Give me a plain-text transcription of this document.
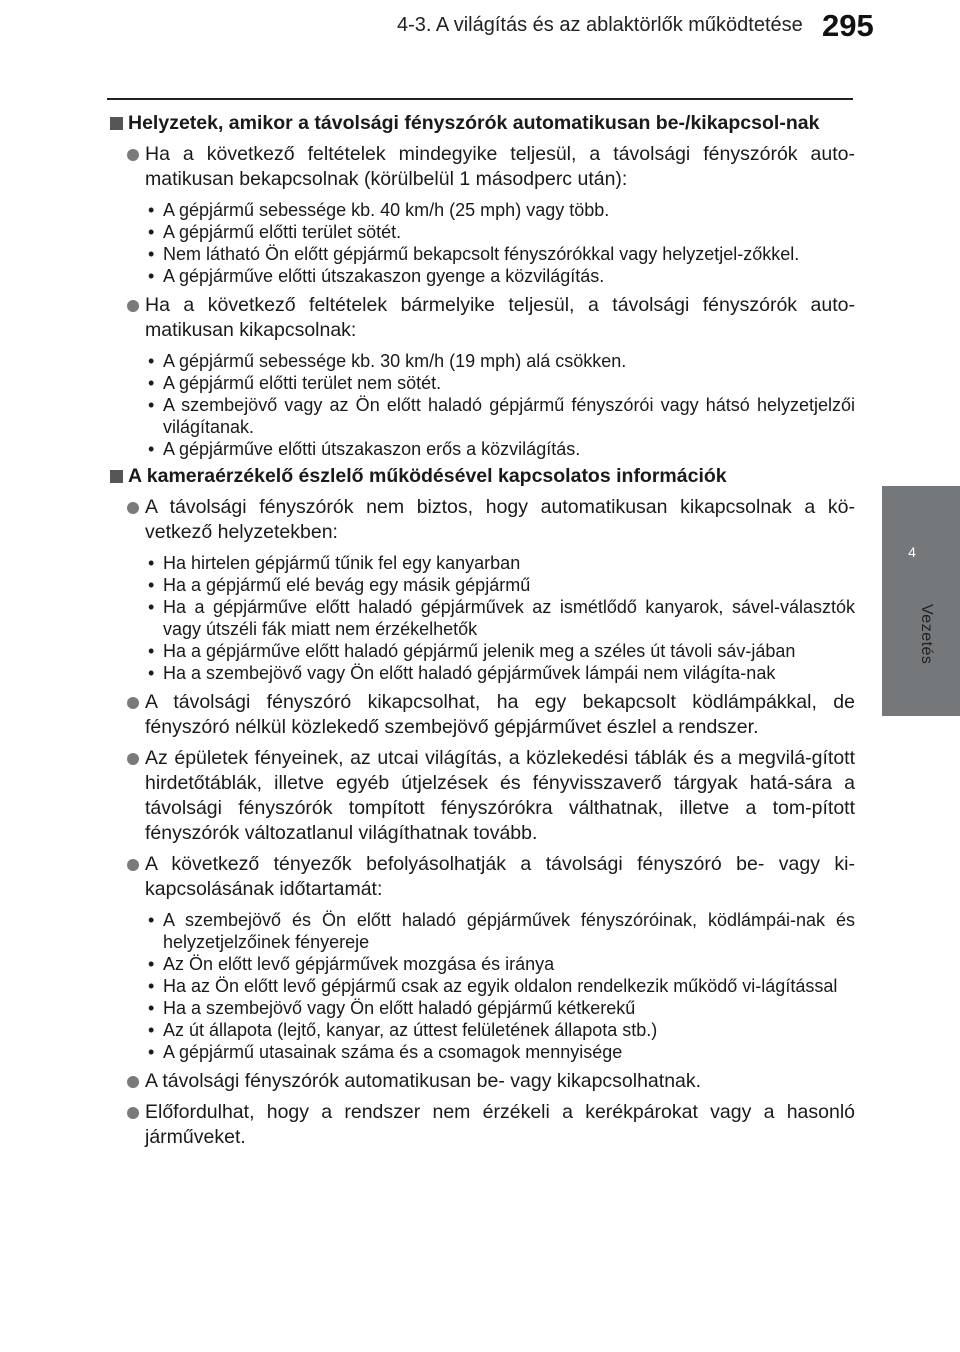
4-3. A világítás és az ablaktörlők működtetése 295
4
Vezetés
Helyzetek, amikor a távolsági fényszórók automatikusan be-/kikapcsol-nak
Ha a következő feltételek mindegyike teljesül, a távolsági fényszórók auto-matikusan bekapcsolnak (körülbelül 1 másodperc után):
• A gépjármű sebessége kb. 40 km/h (25 mph) vagy több.
• A gépjármű előtti terület sötét.
• Nem látható Ön előtt gépjármű bekapcsolt fényszórókkal vagy helyzetjel-zőkkel.
• A gépjárműve előtti útszakaszon gyenge a közvilágítás.
Ha a következő feltételek bármelyike teljesül, a távolsági fényszórók auto-matikusan kikapcsolnak:
• A gépjármű sebessége kb. 30 km/h (19 mph) alá csökken.
• A gépjármű előtti terület nem sötét.
• A szembejövő vagy az Ön előtt haladó gépjármű fényszórói vagy hátsó helyzetjelzői világítanak.
• A gépjárműve előtti útszakaszon erős a közvilágítás.
A kameraérzékelő észlelő működésével kapcsolatos információk
A távolsági fényszórók nem biztos, hogy automatikusan kikapcsolnak a kö-vetkező helyzetekben:
• Ha hirtelen gépjármű tűnik fel egy kanyarban
• Ha a gépjármű elé bevág egy másik gépjármű
• Ha a gépjárműve előtt haladó gépjárművek az ismétlődő kanyarok, sável-választók vagy útszéli fák miatt nem érzékelhetők
• Ha a gépjárműve előtt haladó gépjármű jelenik meg a széles út távoli sáv-jában
• Ha a szembejövő vagy Ön előtt haladó gépjárművek lámpái nem világíta-nak
A távolsági fényszóró kikapcsolhat, ha egy bekapcsolt ködlámpákkal, de fényszóró nélkül közlekedő szembejövő gépjárművet észlel a rendszer.
Az épületek fényeinek, az utcai világítás, a közlekedési táblák és a megvilá-gított hirdetőtáblák, illetve egyéb útjelzések és fényvisszaverő tárgyak hatá-sára a távolsági fényszórók tompított fényszórókra válthatnak, illetve a tom-pított fényszórók változatlanul világíthatnak tovább.
A következő tényezők befolyásolhatják a távolsági fényszóró be- vagy ki-kapcsolásának időtartamát:
• A szembejövő és Ön előtt haladó gépjárművek fényszóróinak, ködlámpái-nak és helyzetjelzőinek fényereje
• Az Ön előtt levő gépjárművek mozgása és iránya
• Ha az Ön előtt levő gépjármű csak az egyik oldalon rendelkezik működő vi-lágítással
• Ha a szembejövő vagy Ön előtt haladó gépjármű kétkerekű
• Az út állapota (lejtő, kanyar, az úttest felületének állapota stb.)
• A gépjármű utasainak száma és a csomagok mennyisége
A távolsági fényszórók automatikusan be- vagy kikapcsolhatnak.
Előfordulhat, hogy a rendszer nem érzékeli a kerékpárokat vagy a hasonló járműveket.
